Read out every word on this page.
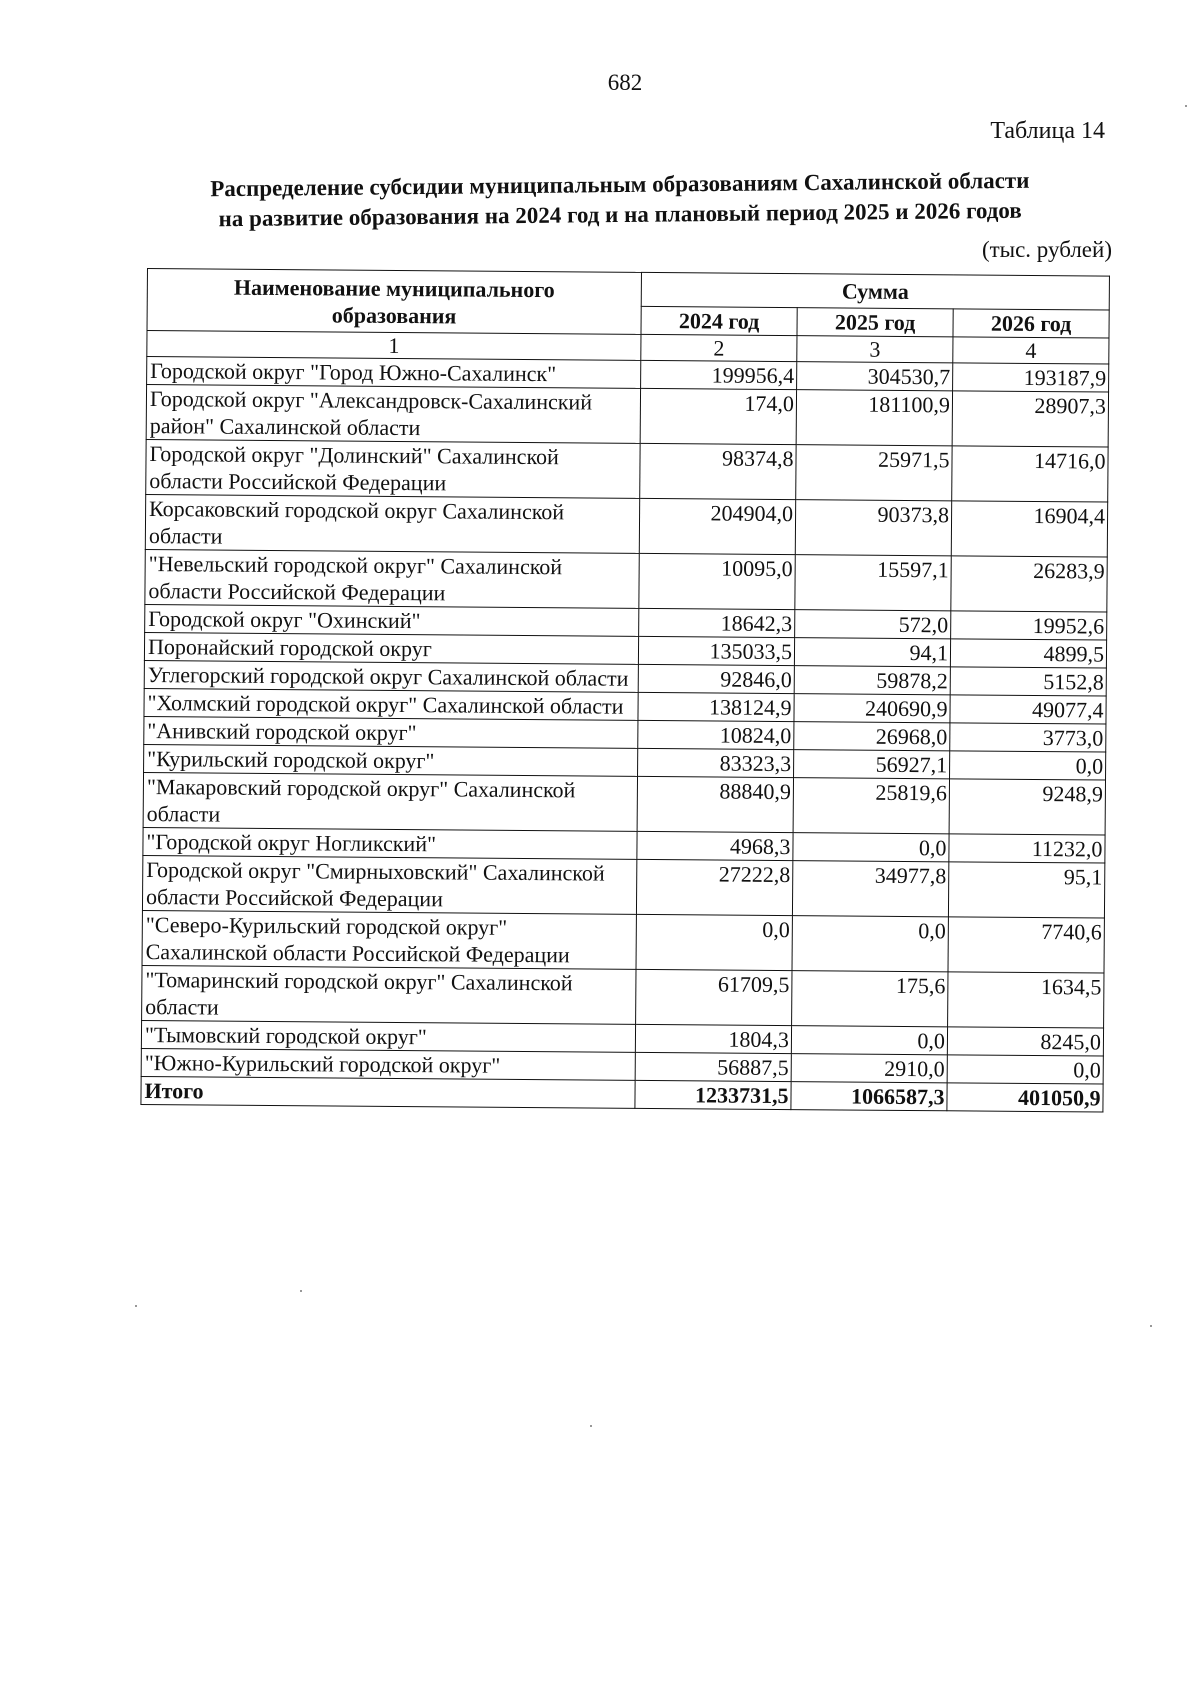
682
Таблица 14
Распределение субсидии муниципальным образованиям Сахалинской области
на развитие образования на 2024 год и на плановый период 2025 и 2026 годов
(тыс. рублей)
Наименование муниципального образования	Сумма		
	2024 год	2025 год	2026 год
1	2	3	4
Городской округ "Город Южно-Сахалинск"	199956,4	304530,7	193187,9
Городской округ "Александровск-Сахалинский район" Сахалинской области	174,0	181100,9	28907,3
Городской округ "Долинский" Сахалинской области Российской Федерации	98374,8	25971,5	14716,0
Корсаковский городской округ Сахалинской области	204904,0	90373,8	16904,4
"Невельский городской округ" Сахалинской области Российской Федерации	10095,0	15597,1	26283,9
Городской округ "Охинский"	18642,3	572,0	19952,6
Поронайский городской округ	135033,5	94,1	4899,5
Углегорский городской округ Сахалинской области	92846,0	59878,2	5152,8
"Холмский городской округ" Сахалинской области	138124,9	240690,9	49077,4
"Анивский городской округ"	10824,0	26968,0	3773,0
"Курильский городской округ"	83323,3	56927,1	0,0
"Макаровский городской округ" Сахалинской области	88840,9	25819,6	9248,9
"Городской округ Ногликский"	4968,3	0,0	11232,0
Городской округ "Смирныховский" Сахалинской области Российской Федерации	27222,8	34977,8	95,1
"Северо-Курильский городской округ" Сахалинской области Российской Федерации	0,0	0,0	7740,6
"Томаринский городской округ" Сахалинской области	61709,5	175,6	1634,5
"Тымовский городской округ"	1804,3	0,0	8245,0
"Южно-Курильский городской округ"	56887,5	2910,0	0,0
Итого	1233731,5	1066587,3	401050,9
